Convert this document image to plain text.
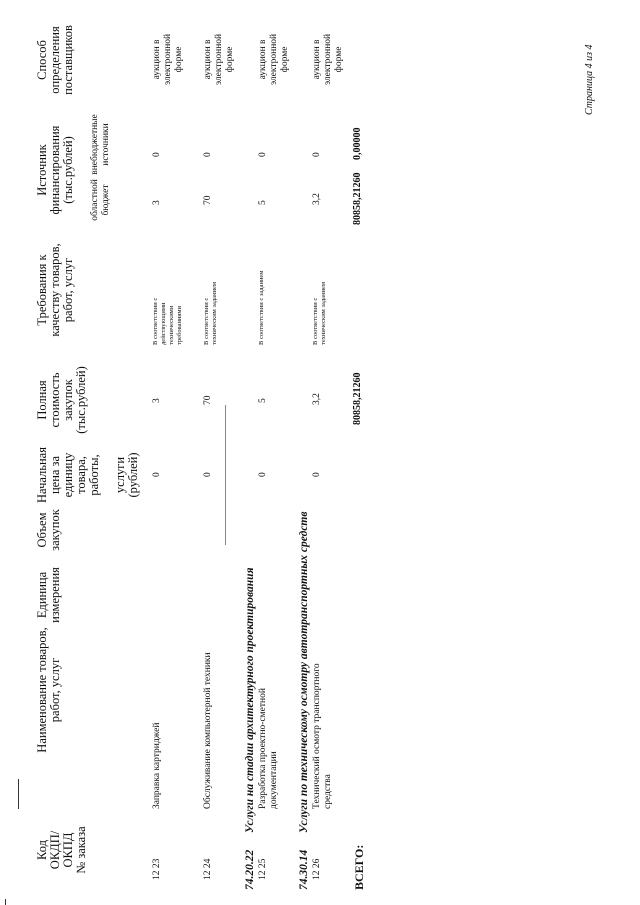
Код ОКДП/ ОКПД № заказа
Наименование товаров, работ, услуг
Единица измерения
Объем закупок
Начальная цена за единицу товара, работы, услуги (рублей)
Полная стоимость закупок (тыс.рублей)
Требования к качеству товаров, работ, услуг
Источник финансирования (тыс.рублей) областной бюджет
внебюджетные источники
Способ определения поставщиков
12 23
Заправка картриджей
0
3
В соответствии с действующими техническими требованиями
3
0
аукцион в электронной форме
12 24
Обслуживание компьютерной техники
0
70
В соответствии с техническим заданием
70
0
аукцион в электронной форме
74.20.22
Услуги на стадии архитектурного проектирования
12 25
Разработка проектно-сметной документации
0
5
В соответствии с заданием
5
0
аукцион в электронной форме
74.30.14
Услуги по техническому осмотру автотранспортных средств
12 26
Технический осмотр транспортного средства
0
3,2
В соответствии с техническим заданием
3,2
0
аукцион в электронной форме
ВСЕГО:
80858,21260
80858,21260
0,00000
Страница 4 из 4
